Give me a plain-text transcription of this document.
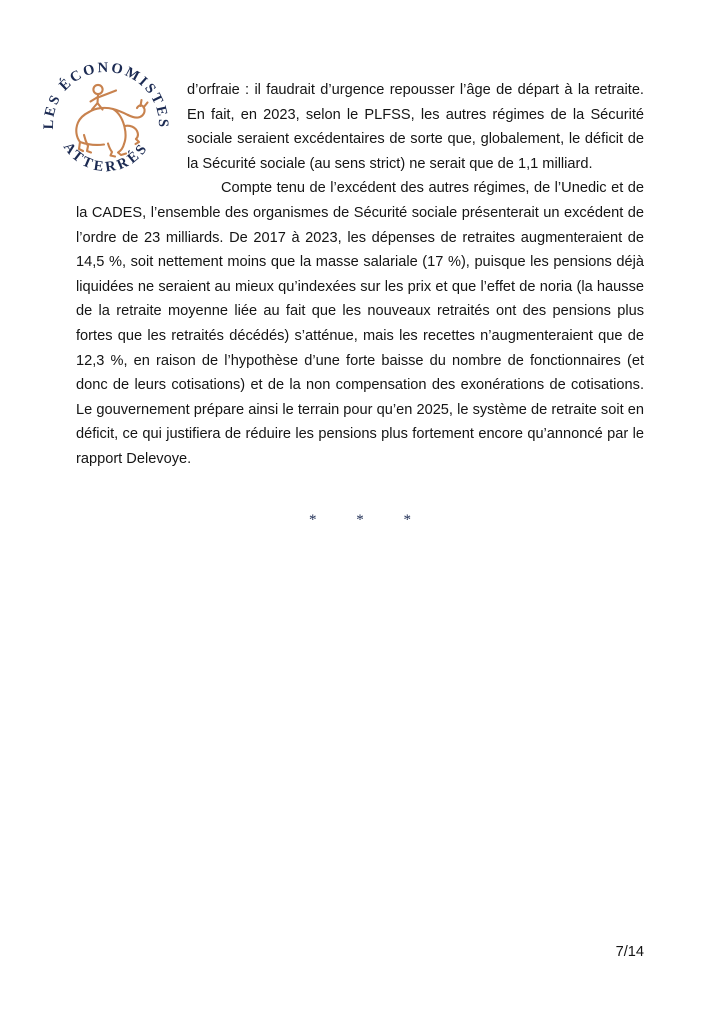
LES ÉCONOMISTES
ATTERRÉS

d’orfraie : il faudrait d’urgence repousser l’âge de départ à la retraite. En fait, en 2023, selon le PLFSS, les autres régimes de la Sécurité sociale seraient excédentaires de sorte que, globalement, le déficit de la Sécurité sociale (au sens strict) ne serait que de 1,1 milliard.

Compte tenu de l’excédent des autres régimes, de l’Unedic et de la CADES, l’ensemble des organismes de Sécurité sociale présenterait un excédent de l’ordre de 23 milliards. De 2017 à 2023, les dépenses de retraites augmenteraient de 14,5 %, soit nettement moins que la masse salariale (17 %), puisque les pensions déjà liquidées ne seraient au mieux qu’indexées sur les prix et que l’effet de noria (la hausse de la retraite moyenne liée au fait que les nouveaux retraités ont des pensions plus fortes que les retraités décédés) s’atténue, mais les recettes n’augmenteraient que de 12,3 %, en raison de l’hypothèse d’une forte baisse du nombre de fonctionnaires (et donc de leurs cotisations) et de la non compensation des exonérations de cotisations. Le gouvernement prépare ainsi le terrain pour qu’en 2025, le système de retraite soit en déficit, ce qui justifiera de réduire les pensions plus fortement encore qu’annoncé par le rapport Delevoye.

* * *
7/14
